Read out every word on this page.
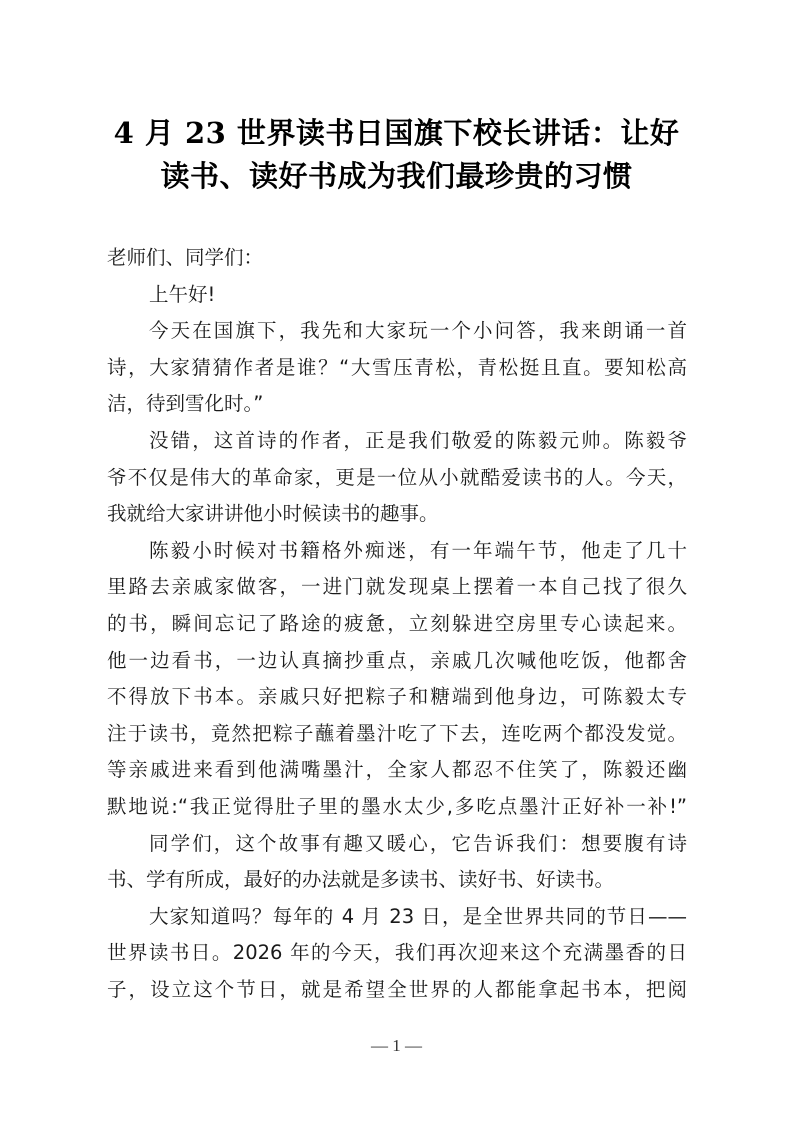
4 月 23 世界读书日国旗下校长讲话：让好
读书、读好书成为我们最珍贵的习惯
老师们、同学们：
上午好!
今天在国旗下，我先和大家玩一个小问答，我来朗诵一首
诗，大家猜猜作者是谁？“大雪压青松，青松挺且直。要知松高
洁，待到雪化时。”
没错，这首诗的作者，正是我们敬爱的陈毅元帅。陈毅爷
爷不仅是伟大的革命家，更是一位从小就酷爱读书的人。今天，
我就给大家讲讲他小时候读书的趣事。
陈毅小时候对书籍格外痴迷，有一年端午节，他走了几十
里路去亲戚家做客，一进门就发现桌上摆着一本自己找了很久
的书，瞬间忘记了路途的疲惫，立刻躲进空房里专心读起来。
他一边看书，一边认真摘抄重点，亲戚几次喊他吃饭，他都舍
不得放下书本。亲戚只好把粽子和糖端到他身边，可陈毅太专
注于读书，竟然把粽子蘸着墨汁吃了下去，连吃两个都没发觉。
等亲戚进来看到他满嘴墨汁，全家人都忍不住笑了，陈毅还幽
默地说:“我正觉得肚子里的墨水太少,多吃点墨汁正好补一补!”
同学们，这个故事有趣又暖心，它告诉我们：想要腹有诗
书、学有所成，最好的办法就是多读书、读好书、好读书。
大家知道吗？每年的 4 月 23 日，是全世界共同的节日——
世界读书日。2026 年的今天，我们再次迎来这个充满墨香的日
子，设立这个节日，就是希望全世界的人都能拿起书本，把阅
— 1 —
